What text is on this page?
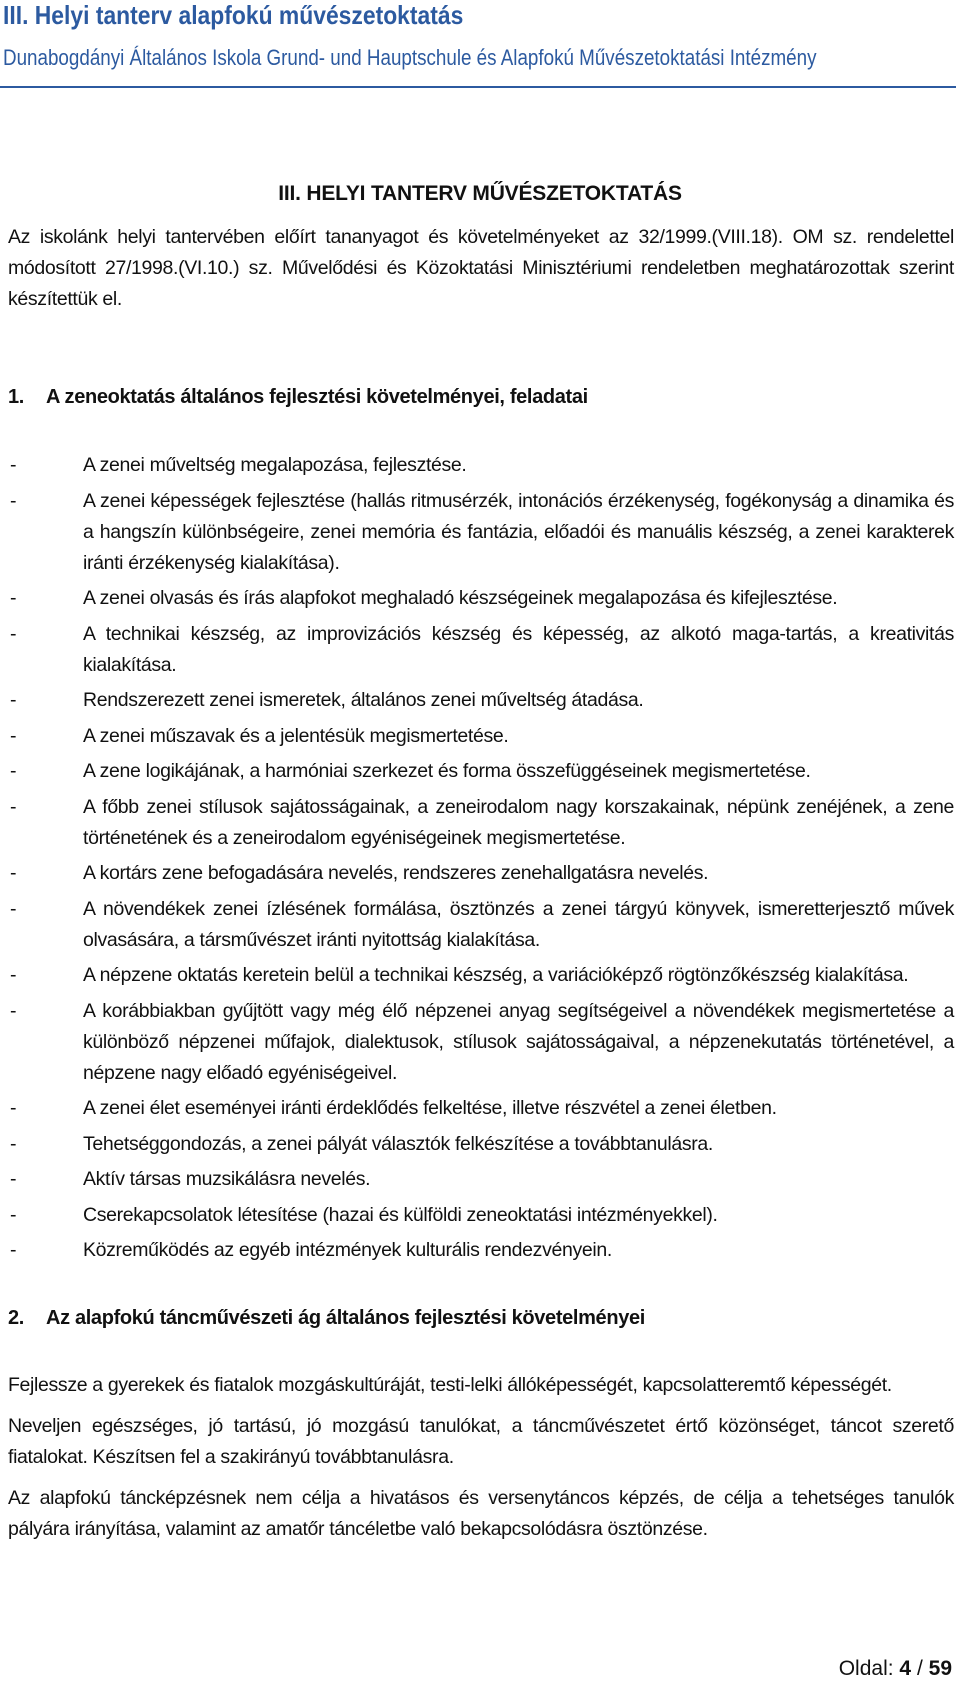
III. Helyi tanterv alapfokú művészetoktatás
Dunabogdányi Általános Iskola Grund- und Hauptschule és Alapfokú Művészetoktatási Intézmény
III. HELYI TANTERV MŰVÉSZETOKTATÁS

Az iskolánk helyi tantervében előírt tananyagot és követelményeket az 32/1999.(VIII.18). OM sz. rendelettel módosított 27/1998.(VI.10.) sz. Művelődési és Közoktatási Minisztériumi rendeletben meghatározottak szerint készítettük el.

1. A zeneoktatás általános fejlesztési követelményei, feladatai

- A zenei műveltség megalapozása, fejlesztése.
- A zenei képességek fejlesztése (hallás ritmusérzék, intonációs érzékenység, fogékonyság a dinamika és a hangszín különbségeire, zenei memória és fantázia, előadói és manuális készség, a zenei karakterek iránti érzékenység kialakítása).
- A zenei olvasás és írás alapfokot meghaladó készségeinek megalapozása és kifejlesztése.
- A technikai készség, az improvizációs készség és képesség, az alkotó maga-tartás, a kreativitás kialakítása.
- Rendszerezett zenei ismeretek, általános zenei műveltség átadása.
- A zenei műszavak és a jelentésük megismertetése.
- A zene logikájának, a harmóniai szerkezet és forma összefüggéseinek megismertetése.
- A főbb zenei stílusok sajátosságainak, a zeneirodalom nagy korszakainak, népünk zenéjének, a zene történetének és a zeneirodalom egyéniségeinek megismertetése.
- A kortárs zene befogadására nevelés, rendszeres zenehallgatásra nevelés.
- A növendékek zenei ízlésének formálása, ösztönzés a zenei tárgyú könyvek, ismeretterjesztő művek olvasására, a társművészet iránti nyitottság kialakítása.
- A népzene oktatás keretein belül a technikai készség, a variációképző rögtönzőkészség kialakítása.
- A korábbiakban gyűjtött vagy még élő népzenei anyag segítségeivel a növendékek megismertetése a különböző népzenei műfajok, dialektusok, stílusok sajátosságaival, a népzenekutatás történetével, a népzene nagy előadó egyéniségeivel.
- A zenei élet eseményei iránti érdeklődés felkeltése, illetve részvétel a zenei életben.
- Tehetséggondozás, a zenei pályát választók felkészítése a továbbtanulásra.
- Aktív társas muzsikálásra nevelés.
- Cserekapcsolatok létesítése (hazai és külföldi zeneoktatási intézményekkel).
- Közreműködés az egyéb intézmények kulturális rendezvényein.

2. Az alapfokú táncművészeti ág általános fejlesztési követelményei

Fejlessze a gyerekek és fiatalok mozgáskultúráját, testi-lelki állóképességét, kapcsolatteremtő képességét.

Neveljen egészséges, jó tartású, jó mozgású tanulókat, a táncművészetet értő közönséget, táncot szerető fiatalokat. Készítsen fel a szakirányú továbbtanulásra.

Az alapfokú táncképzésnek nem célja a hivatásos és versenytáncos képzés, de célja a tehetséges tanulók pályára irányítása, valamint az amatőr táncéletbe való bekapcsolódásra ösztönzése.

Oldal: 4 / 59
